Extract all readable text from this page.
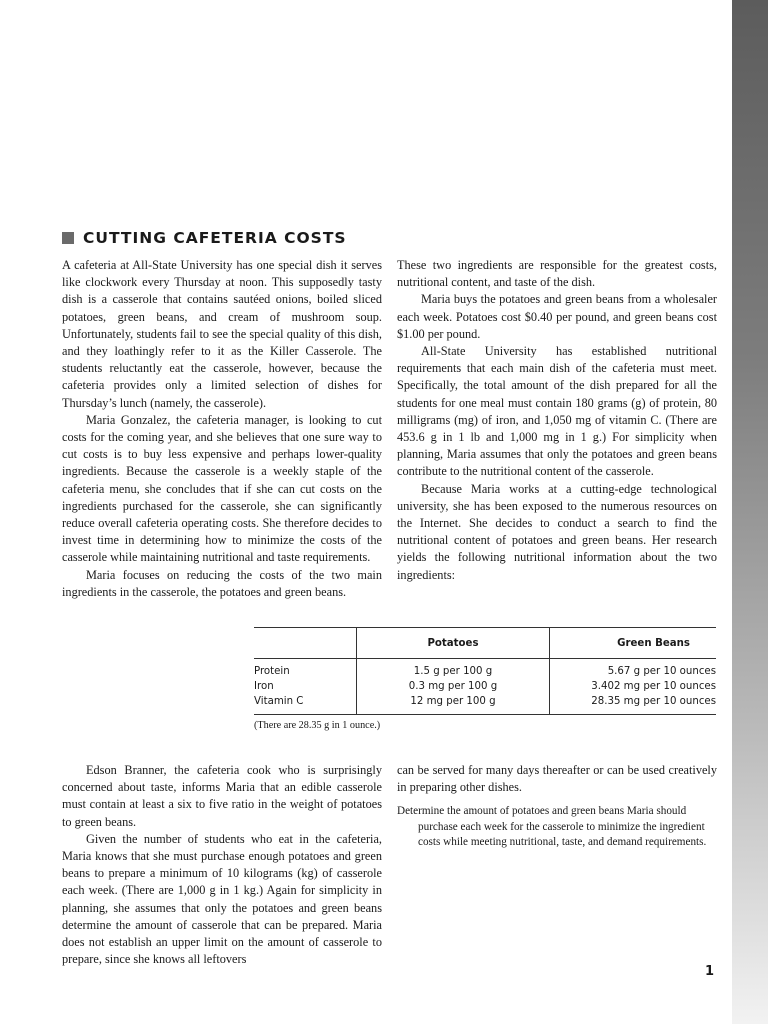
CUTTING CAFETERIA COSTS

A cafeteria at All-State University has one special dish it serves like clockwork every Thursday at noon. This supposedly tasty dish is a casserole that contains sautéed onions, boiled sliced potatoes, green beans, and cream of mushroom soup. Unfortunately, students fail to see the special quality of this dish, and they loathingly refer to it as the Killer Casserole. The students reluctantly eat the casserole, however, because the cafeteria provides only a limited selection of dishes for Thursday’s lunch (namely, the casserole).

Maria Gonzalez, the cafeteria manager, is looking to cut costs for the coming year, and she believes that one sure way to cut costs is to buy less expensive and perhaps lower-quality ingredients. Because the casserole is a weekly staple of the cafeteria menu, she concludes that if she can cut costs on the ingredients purchased for the casserole, she can significantly reduce overall cafeteria operating costs. She therefore decides to invest time in determining how to minimize the costs of the casserole while maintaining nutritional and taste requirements.

Maria focuses on reducing the costs of the two main ingredients in the casserole, the potatoes and green beans.

These two ingredients are responsible for the greatest costs, nutritional content, and taste of the dish.

Maria buys the potatoes and green beans from a wholesaler each week. Potatoes cost $0.40 per pound, and green beans cost $1.00 per pound.

All-State University has established nutritional requirements that each main dish of the cafeteria must meet. Specifically, the total amount of the dish prepared for all the students for one meal must contain 180 grams (g) of protein, 80 milligrams (mg) of iron, and 1,050 mg of vitamin C. (There are 453.6 g in 1 lb and 1,000 mg in 1 g.) For simplicity when planning, Maria assumes that only the potatoes and green beans contribute to the nutritional content of the casserole.

Because Maria works at a cutting-edge technological university, she has been exposed to the numerous resources on the Internet. She decides to conduct a search to find the nutritional content of potatoes and green beans. Her research yields the following nutritional information about the two ingredients:

	Potatoes	Green Beans
Protein	1.5 g per 100 g	5.67 g per 10 ounces
Iron	0.3 mg per 100 g	3.402 mg per 10 ounces
Vitamin C	12 mg per 100 g	28.35 mg per 10 ounces
(There are 28.35 g in 1 ounce.)

Edson Branner, the cafeteria cook who is surprisingly concerned about taste, informs Maria that an edible casserole must contain at least a six to five ratio in the weight of potatoes to green beans.

Given the number of students who eat in the cafeteria, Maria knows that she must purchase enough potatoes and green beans to prepare a minimum of 10 kilograms (kg) of casserole each week. (There are 1,000 g in 1 kg.) Again for simplicity in planning, she assumes that only the potatoes and green beans determine the amount of casserole that can be prepared. Maria does not establish an upper limit on the amount of casserole to prepare, since she knows all leftovers

can be served for many days thereafter or can be used creatively in preparing other dishes.

Determine the amount of potatoes and green beans Maria should purchase each week for the casserole to minimize the ingredient costs while meeting nutritional, taste, and demand requirements.

1
